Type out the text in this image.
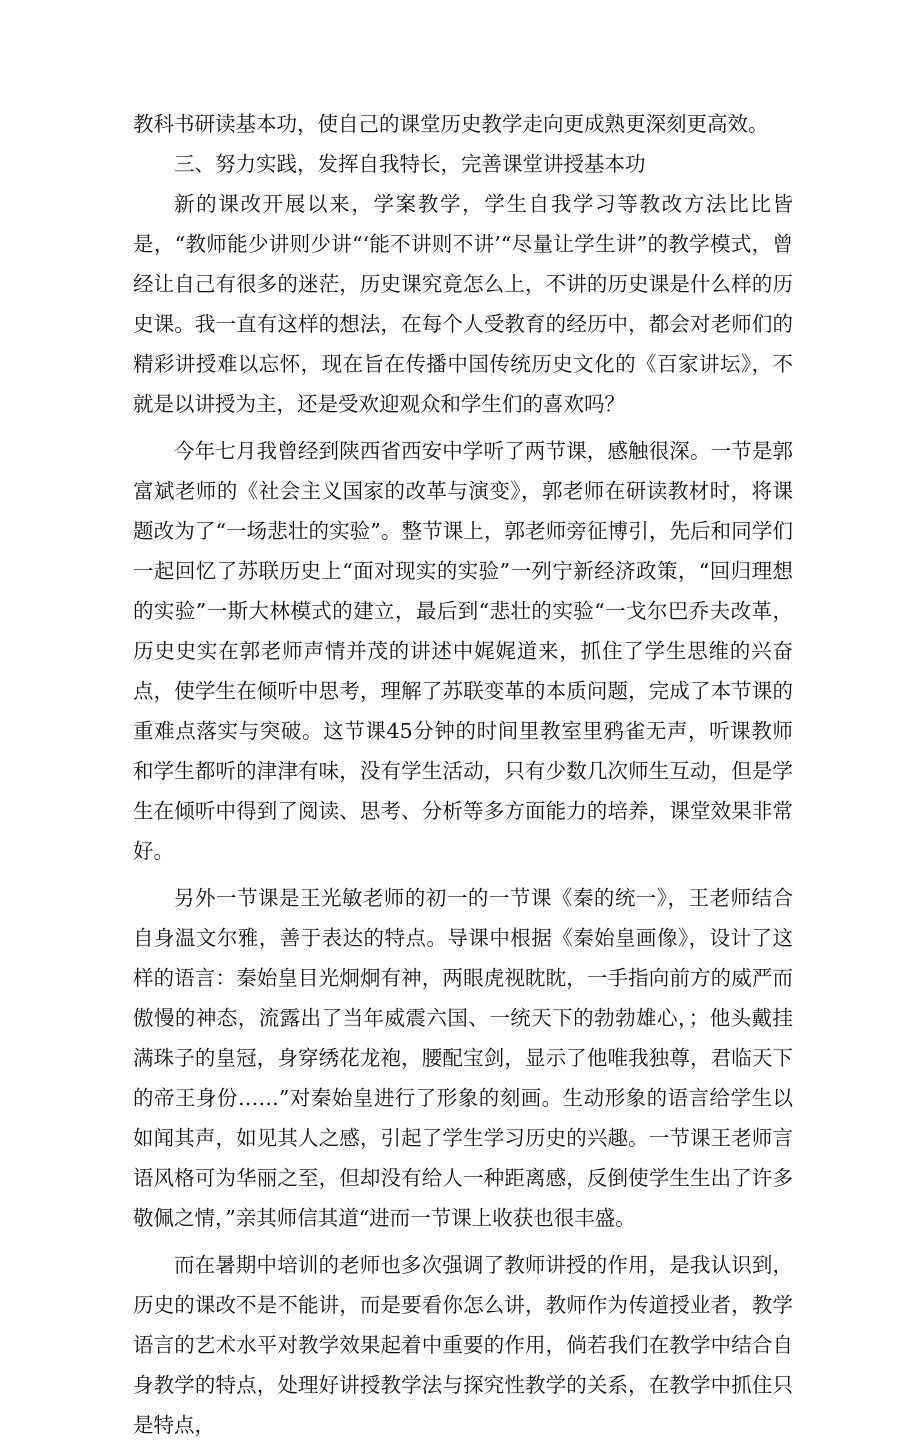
教科书研读基本功，使自己的课堂历史教学走向更成熟更深刻更高效。

三、努力实践，发挥自我特长，完善课堂讲授基本功

新的课改开展以来，学案教学，学生自我学习等教改方法比比皆是，“教师能少讲则少讲“‘能不讲则不讲’“尽量让学生讲”的教学模式，曾经让自己有很多的迷茫，历史课究竟怎么上，不讲的历史课是什么样的历史课。我一直有这样的想法，在每个人受教育的经历中，都会对老师们的精彩讲授难以忘怀，现在旨在传播中国传统历史文化的《百家讲坛》，不就是以讲授为主，还是受欢迎观众和学生们的喜欢吗？

今年七月我曾经到陕西省西安中学听了两节课，感触很深。一节是郭富斌老师的《社会主义国家的改革与演变》，郭老师在研读教材时，将课题改为了“一场悲壮的实验”。整节课上，郭老师旁征博引，先后和同学们一起回忆了苏联历史上“面对现实的实验”一列宁新经济政策，“回归理想的实验”一斯大林模式的建立，最后到“悲壮的实验“一戈尔巴乔夫改革，历史史实在郭老师声情并茂的讲述中娓娓道来，抓住了学生思维的兴奋点，使学生在倾听中思考，理解了苏联变革的本质问题，完成了本节课的重难点落实与突破。这节课45分钟的时间里教室里鸦雀无声，听课教师和学生都听的津津有味，没有学生活动，只有少数几次师生互动，但是学生在倾听中得到了阅读、思考、分析等多方面能力的培养，课堂效果非常好。

另外一节课是王光敏老师的初一的一节课《秦的统一》，王老师结合自身温文尔雅，善于表达的特点。导课中根据《秦始皇画像》，设计了这样的语言：秦始皇目光炯炯有神，两眼虎视眈眈，一手指向前方的威严而傲慢的神态，流露出了当年威震六国、一统天下的勃勃雄心，；他头戴挂满珠子的皇冠，身穿绣花龙袍，腰配宝剑，显示了他唯我独尊，君临天下的帝王身份……”对秦始皇进行了形象的刻画。生动形象的语言给学生以如闻其声，如见其人之感，引起了学生学习历史的兴趣。一节课王老师言语风格可为华丽之至，但却没有给人一种距离感，反倒使学生生出了许多敬佩之情，”亲其师信其道“进而一节课上收获也很丰盛。

而在暑期中培训的老师也多次强调了教师讲授的作用，是我认识到，历史的课改不是不能讲，而是要看你怎么讲，教师作为传道授业者，教学语言的艺术水平对教学效果起着中重要的作用，倘若我们在教学中结合自身教学的特点，处理好讲授教学法与探究性教学的关系，在教学中抓住只是特点，
